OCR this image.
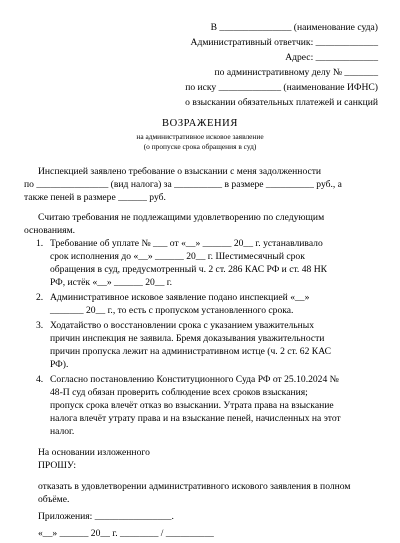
В _______________ (наименование суда)
Административный ответчик: _____________
Адрес: _____________
по административному делу № _______
по иску _____________ (наименование ИФНС)
о взыскании обязательных платежей и санкций
ВОЗРАЖЕНИЯ
на административное исковое заявление
(о пропуске срока обращения в суд)
Инспекцией заявлено требование о взыскании с меня задолженности
по _______________ (вид налога) за __________ в размере __________ руб., а
также пеней в размере ______ руб.
Считаю требования не подлежащими удовлетворению по следующим
основаниям.
1. Требование об уплате № ___ от «__» ______ 20__ г. устанавливало
срок исполнения до «__» ______ 20__ г. Шестимесячный срок
обращения в суд, предусмотренный ч. 2 ст. 286 КАС РФ и ст. 48 НК
РФ, истёк «__» ______ 20__ г.
2. Административное исковое заявление подано инспекцией «__»
_______ 20__ г., то есть с пропуском установленного срока.
3. Ходатайство о восстановлении срока с указанием уважительных
причин инспекция не заявила. Бремя доказывания уважительности
причин пропуска лежит на административном истце (ч. 2 ст. 62 КАС
РФ).
4. Согласно постановлению Конституционного Суда РФ от 25.10.2024 №
48-П суд обязан проверить соблюдение всех сроков взыскания;
пропуск срока влечёт отказ во взыскании. Утрата права на взыскание
налога влечёт утрату права и на взыскание пеней, начисленных на этот
налог.
На основании изложенного
ПРОШУ:
отказать в удовлетворении административного искового заявления в полном
объёме.
Приложения: ________________.
«__» ______ 20__ г. ________ / __________
